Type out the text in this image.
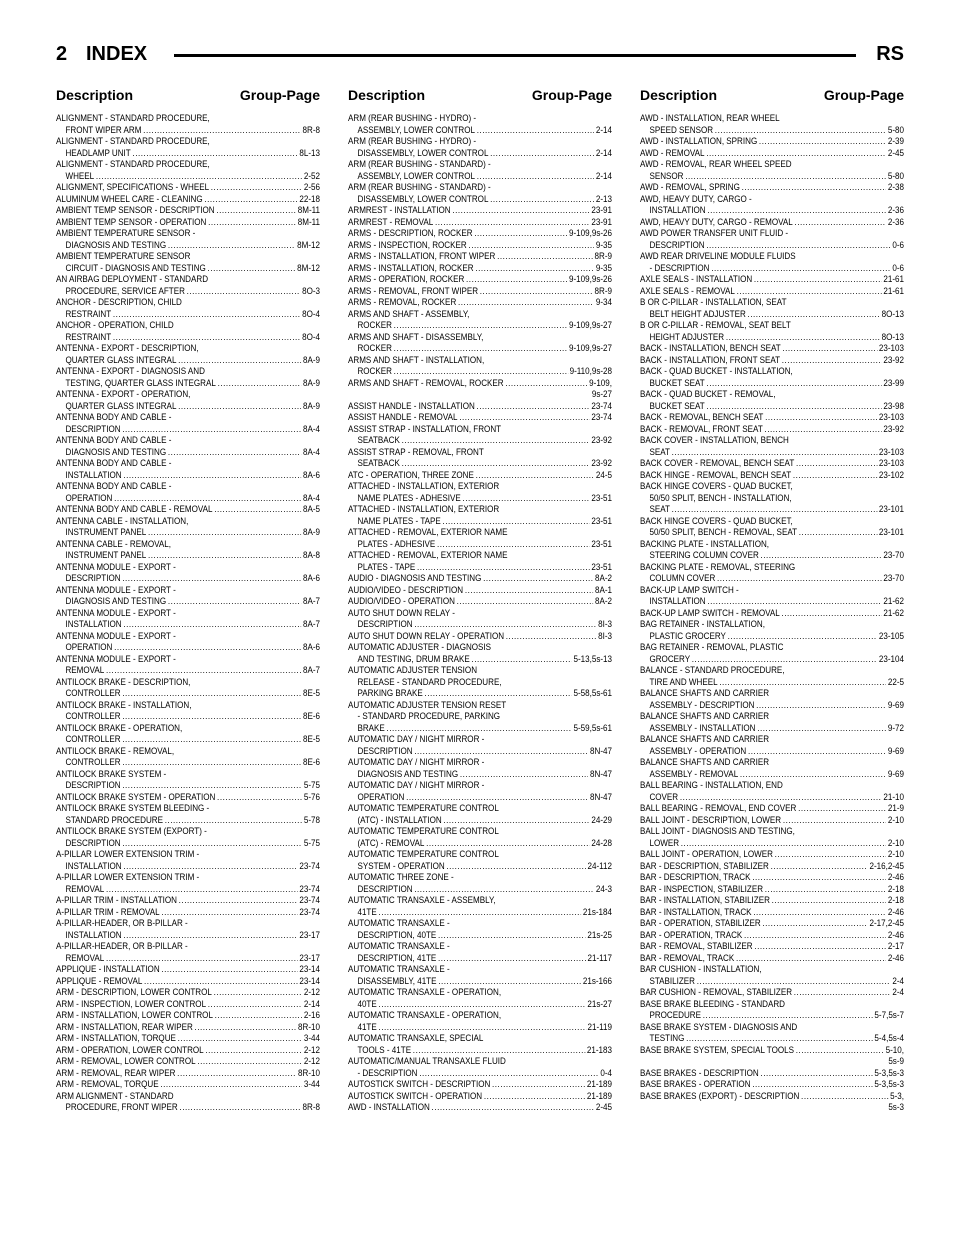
2 INDEX	RS
Description	Group-Page Description	Group-Page Description	Group-Page
ALIGNMENT - STANDARD PROCEDURE,
FRONT WIPER ARM . . .	8R-8
ALIGNMENT - STANDARD PROCEDURE,
HEADLAMP UNIT . . .	8L-13
ALIGNMENT - STANDARD PROCEDURE,
WHEEL . . .	2-52
ALIGNMENT, SPECIFICATIONS - WHEEL . . .	2-56
ALUMINUM WHEEL CARE - CLEANING . . .	22-18
AMBIENT TEMP SENSOR - DESCRIPTION . . .	8M-11
AMBIENT TEMP SENSOR - OPERATION . . .	8M-11
AMBIENT TEMPERATURE SENSOR -
DIAGNOSIS AND TESTING . . .	8M-12
AMBIENT TEMPERATURE SENSOR
CIRCUIT - DIAGNOSIS AND TESTING . . .	8M-12
AN AIRBAG DEPLOYMENT - STANDARD
PROCEDURE, SERVICE AFTER . . .	8O-3
ANCHOR - DESCRIPTION, CHILD
RESTRAINT . . .	8O-4
ANCHOR - OPERATION, CHILD
RESTRAINT . . .	8O-4
ANTENNA - EXPORT - DESCRIPTION,
QUARTER GLASS INTEGRAL . . .	8A-9
ANTENNA - EXPORT - DIAGNOSIS AND
TESTING, QUARTER GLASS INTEGRAL . . .	8A-9
ANTENNA - EXPORT - OPERATION,
QUARTER GLASS INTEGRAL . . .	8A-9
ANTENNA BODY AND CABLE -
DESCRIPTION . . .	8A-4
ANTENNA BODY AND CABLE -
DIAGNOSIS AND TESTING . . .	8A-4
ANTENNA BODY AND CABLE -
INSTALLATION . . .	8A-6
ANTENNA BODY AND CABLE -
OPERATION . . .	8A-4
ANTENNA BODY AND CABLE - REMOVAL . . .	8A-5
ANTENNA CABLE - INSTALLATION,
INSTRUMENT PANEL . . .	8A-9
ANTENNA CABLE - REMOVAL,
INSTRUMENT PANEL . . .	8A-8
ANTENNA MODULE - EXPORT -
DESCRIPTION . . .	8A-6
ANTENNA MODULE - EXPORT -
DIAGNOSIS AND TESTING . . .	8A-7
ANTENNA MODULE - EXPORT -
INSTALLATION . . .	8A-7
ANTENNA MODULE - EXPORT -
OPERATION . . .	8A-6
ANTENNA MODULE - EXPORT -
REMOVAL . . .	8A-7
ANTILOCK BRAKE - DESCRIPTION,
CONTROLLER . . .	8E-5
ANTILOCK BRAKE - INSTALLATION,
CONTROLLER . . .	8E-6
ANTILOCK BRAKE - OPERATION,
CONTROLLER . . .	8E-5
ANTILOCK BRAKE - REMOVAL,
CONTROLLER . . .	8E-6
ANTILOCK BRAKE SYSTEM -
DESCRIPTION . . .	5-75
ANTILOCK BRAKE SYSTEM - OPERATION . . .	5-76
ANTILOCK BRAKE SYSTEM BLEEDING -
STANDARD PROCEDURE . . .	5-78
ANTILOCK BRAKE SYSTEM (EXPORT) -
DESCRIPTION . . .	5-75
A-PILLAR LOWER EXTENSION TRIM -
INSTALLATION . . .	23-74
A-PILLAR LOWER EXTENSION TRIM -
REMOVAL . . .	23-74
A-PILLAR TRIM - INSTALLATION . . .	23-74
A-PILLAR TRIM - REMOVAL . . .	23-74
A-PILLAR-HEADER, OR B-PILLAR -
INSTALLATION . . .	23-17
A-PILLAR-HEADER, OR B-PILLAR -
REMOVAL . . .	23-17
APPLIQUE - INSTALLATION . . .	23-14
APPLIQUE - REMOVAL . . .	23-14
ARM - DESCRIPTION, LOWER CONTROL . . .	2-12
ARM - INSPECTION, LOWER CONTROL . . .	2-14
ARM - INSTALLATION, LOWER CONTROL . . .	2-16
ARM - INSTALLATION, REAR WIPER . . .	8R-10
ARM - INSTALLATION, TORQUE . . .	3-44
ARM - OPERATION, LOWER CONTROL . . .	2-12
ARM - REMOVAL, LOWER CONTROL . . .	2-12
ARM - REMOVAL, REAR WIPER . . .	8R-10
ARM - REMOVAL, TORQUE . . .	3-44
ARM ALIGNMENT - STANDARD
PROCEDURE, FRONT WIPER . . .	8R-8
ARM (REAR BUSHING - HYDRO) -
ASSEMBLY, LOWER CONTROL . . .	2-14
ARM (REAR BUSHING - HYDRO) -
DISASSEMBLY, LOWER CONTROL . . .	2-14
ARM (REAR BUSHING - STANDARD) -
ASSEMBLY, LOWER CONTROL . . .	2-14
ARM (REAR BUSHING - STANDARD) -
DISASSEMBLY, LOWER CONTROL . . .	2-13
ARMREST - INSTALLATION . . .	23-91
ARMREST - REMOVAL . . .	23-91
ARMS - DESCRIPTION, ROCKER . . .	9-109,9s-26
ARMS - INSPECTION, ROCKER . . .	9-35
ARMS - INSTALLATION, FRONT WIPER . . .	8R-9
ARMS - INSTALLATION, ROCKER . . .	9-35
ARMS - OPERATION, ROCKER . . .	9-109,9s-26
ARMS - REMOVAL, FRONT WIPER . . .	8R-9
ARMS - REMOVAL, ROCKER . . .	9-34
ARMS AND SHAFT - ASSEMBLY,
ROCKER . . .	9-109,9s-27
ARMS AND SHAFT - DISASSEMBLY,
ROCKER . . .	9-109,9s-27
ARMS AND SHAFT - INSTALLATION,
ROCKER . . .	9-110,9s-28
ARMS AND SHAFT - REMOVAL, ROCKER . . .	9-109,
9s-27
ASSIST HANDLE - INSTALLATION . . .	23-74
ASSIST HANDLE - REMOVAL . . .	23-74
ASSIST STRAP - INSTALLATION, FRONT
SEATBACK . . .	23-92
ASSIST STRAP - REMOVAL, FRONT
SEATBACK . . .	23-92
ATC - OPERATION, THREE ZONE . . .	24-5
ATTACHED - INSTALLATION, EXTERIOR
NAME PLATES - ADHESIVE . . .	23-51
ATTACHED - INSTALLATION, EXTERIOR
NAME PLATES - TAPE . . .	23-51
ATTACHED - REMOVAL, EXTERIOR NAME
PLATES - ADHESIVE . . .	23-51
ATTACHED - REMOVAL, EXTERIOR NAME
PLATES - TAPE . . .	23-51
AUDIO - DIAGNOSIS AND TESTING . . .	8A-2
AUDIO/VIDEO - DESCRIPTION . . .	8A-1
AUDIO/VIDEO - OPERATION . . .	8A-2
AUTO SHUT DOWN RELAY -
DESCRIPTION . . .	8I-3
AUTO SHUT DOWN RELAY - OPERATION . . .	8I-3
AUTOMATIC ADJUSTER - DIAGNOSIS
AND TESTING, DRUM BRAKE . . .	5-13,5s-13
AUTOMATIC ADJUSTER TENSION
RELEASE - STANDARD PROCEDURE,
PARKING BRAKE . . .	5-58,5s-61
AUTOMATIC ADJUSTER TENSION RESET
- STANDARD PROCEDURE, PARKING
BRAKE . . .	5-59,5s-61
AUTOMATIC DAY / NIGHT MIRROR -
DESCRIPTION . . .	8N-47
AUTOMATIC DAY / NIGHT MIRROR -
DIAGNOSIS AND TESTING . . .	8N-47
AUTOMATIC DAY / NIGHT MIRROR -
OPERATION . . .	8N-47
AUTOMATIC TEMPERATURE CONTROL
(ATC) - INSTALLATION . . .	24-29
AUTOMATIC TEMPERATURE CONTROL
(ATC) - REMOVAL . . .	24-28
AUTOMATIC TEMPERATURE CONTROL
SYSTEM - OPERATION . . .	24-112
AUTOMATIC THREE ZONE -
DESCRIPTION . . .	24-3
AUTOMATIC TRANSAXLE - ASSEMBLY,
41TE . . .	21s-184
AUTOMATIC TRANSAXLE -
DESCRIPTION, 40TE . . .	21s-25
AUTOMATIC TRANSAXLE -
DESCRIPTION, 41TE . . .	21-117
AUTOMATIC TRANSAXLE -
DISASSEMBLY, 41TE . . .	21s-166
AUTOMATIC TRANSAXLE - OPERATION,
40TE . . .	21s-27
AUTOMATIC TRANSAXLE - OPERATION,
41TE . . .	21-119
AUTOMATIC TRANSAXLE, SPECIAL
TOOLS - 41TE . . .	21-183
AUTOMATIC/MANUAL TRANSAXLE FLUID
- DESCRIPTION . . .	0-4
AUTOSTICK SWITCH - DESCRIPTION . . .	21-189
AUTOSTICK SWITCH - OPERATION . . .	21-189
AWD - INSTALLATION . . .	2-45
AWD - INSTALLATION, REAR WHEEL
SPEED SENSOR . . .	5-80
AWD - INSTALLATION, SPRING . . .	2-39
AWD - REMOVAL . . .	2-45
AWD - REMOVAL, REAR WHEEL SPEED
SENSOR . . .	5-80
AWD - REMOVAL, SPRING . . .	2-38
AWD, HEAVY DUTY, CARGO -
INSTALLATION . . .	2-36
AWD, HEAVY DUTY, CARGO - REMOVAL . . .	2-36
AWD POWER TRANSFER UNIT FLUID -
DESCRIPTION . . .	0-6
AWD REAR DRIVELINE MODULE FLUIDS
- DESCRIPTION . . .	0-6
AXLE SEALS - INSTALLATION . . .	21-61
AXLE SEALS - REMOVAL . . .	21-61
B OR C-PILLAR - INSTALLATION, SEAT
BELT HEIGHT ADJUSTER . . .	8O-13
B OR C-PILLAR - REMOVAL, SEAT BELT
HEIGHT ADJUSTER . . .	8O-13
BACK - INSTALLATION, BENCH SEAT . . .	23-103
BACK - INSTALLATION, FRONT SEAT . . .	23-92
BACK - QUAD BUCKET - INSTALLATION,
BUCKET SEAT . . .	23-99
BACK - QUAD BUCKET - REMOVAL,
BUCKET SEAT . . .	23-98
BACK - REMOVAL, BENCH SEAT . . .	23-103
BACK - REMOVAL, FRONT SEAT . . .	23-92
BACK COVER - INSTALLATION, BENCH
SEAT . . .	23-103
BACK COVER - REMOVAL, BENCH SEAT . . .	23-103
BACK HINGE - REMOVAL, BENCH SEAT . . .	23-102
BACK HINGE COVERS - QUAD BUCKET,
50/50 SPLIT, BENCH - INSTALLATION,
SEAT . . .	23-101
BACK HINGE COVERS - QUAD BUCKET,
50/50 SPLIT, BENCH - REMOVAL, SEAT . . .	23-101
BACKING PLATE - INSTALLATION,
STEERING COLUMN COVER . . .	23-70
BACKING PLATE - REMOVAL, STEERING
COLUMN COVER . . .	23-70
BACK-UP LAMP SWITCH -
INSTALLATION . . .	21-62
BACK-UP LAMP SWITCH - REMOVAL . . .	21-62
BAG RETAINER - INSTALLATION,
PLASTIC GROCERY . . .	23-105
BAG RETAINER - REMOVAL, PLASTIC
GROCERY . . .	23-104
BALANCE - STANDARD PROCEDURE,
TIRE AND WHEEL . . .	22-5
BALANCE SHAFTS AND CARRIER
ASSEMBLY - DESCRIPTION . . .	9-69
BALANCE SHAFTS AND CARRIER
ASSEMBLY - INSTALLATION . . .	9-72
BALANCE SHAFTS AND CARRIER
ASSEMBLY - OPERATION . . .	9-69
BALANCE SHAFTS AND CARRIER
ASSEMBLY - REMOVAL . . .	9-69
BALL BEARING - INSTALLATION, END
COVER . . .	21-10
BALL BEARING - REMOVAL, END COVER . . .	21-9
BALL JOINT - DESCRIPTION, LOWER . . .	2-10
BALL JOINT - DIAGNOSIS AND TESTING,
LOWER . . .	2-10
BALL JOINT - OPERATION, LOWER . . .	2-10
BAR - DESCRIPTION, STABILIZER . . .	2-16,2-45
BAR - DESCRIPTION, TRACK . . .	2-46
BAR - INSPECTION, STABILIZER . . .	2-18
BAR - INSTALLATION, STABILIZER . . .	2-18
BAR - INSTALLATION, TRACK . . .	2-46
BAR - OPERATION, STABILIZER . . .	2-17,2-45
BAR - OPERATION, TRACK . . .	2-46
BAR - REMOVAL, STABILIZER . . .	2-17
BAR - REMOVAL, TRACK . . .	2-46
BAR CUSHION - INSTALLATION,
STABILIZER . . .	2-4
BAR CUSHION - REMOVAL, STABILIZER . . .	2-4
BASE BRAKE BLEEDING - STANDARD
PROCEDURE . . .	5-7,5s-7
BASE BRAKE SYSTEM - DIAGNOSIS AND
TESTING . . .	5-4,5s-4
BASE BRAKE SYSTEM, SPECIAL TOOLS . . .	5-10,
5s-9
BASE BRAKES - DESCRIPTION . . .	5-3,5s-3
BASE BRAKES - OPERATION . . .	5-3,5s-3
BASE BRAKES (EXPORT) - DESCRIPTION . . .	5-3,
5s-3
